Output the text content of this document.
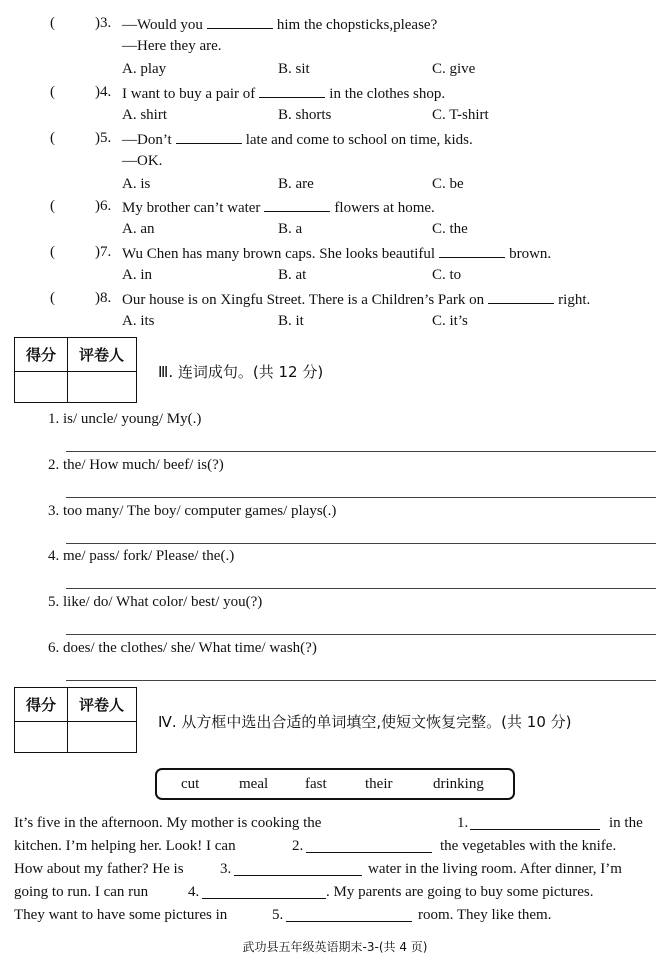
(	)3. —Would you	him the chopsticks,please?
—Here they are.
A. play	B. sit	C. give
(	)4. I want to buy a pair of	in the clothes shop.
A. shirt	B. shorts	C. T-shirt
(	)5. —Don’t	late and come to school on time, kids.
—OK.
A. is	B. are	C. be
(	)6. My brother can’t water	flowers at home.
A. an	B. a	C. the
(	)7. Wu Chen has many brown caps. She looks beautiful	brown.
A. in	B. at	C. to
(	)8. Our house is on Xingfu Street. There is a Children’s Park on	right.
A. its	B. it	C. it’s
得分	评卷人
Ⅲ. 连词成句。(共 12 分)
1. is/ uncle/ young/ My(.)
2. the/ How much/ beef/ is(?)
3. too many/ The boy/ computer games/ plays(.)
4. me/ pass/ fork/ Please/ the(.)
5. like/ do/ What color/ best/ you(?)
6. does/ the clothes/ she/ What time/ wash(?)
得分	评卷人
Ⅳ. 从方框中选出合适的单词填空,使短文恢复完整。(共 10 分)
cut	meal fast	their	drinking
It’s five in the afternoon. My mother is cooking the	1.	in the
kitchen. I’m helping her. Look! I can	2.	the vegetables with the knife.
How about my father? He is 3.	water in the living room. After dinner, I’m
going to run. I can run	4.	. My parents are going to buy some pictures.
They want to have some pictures in	5.	room. They like them.
武功县五年级英语期末-3-(共 4 页)
